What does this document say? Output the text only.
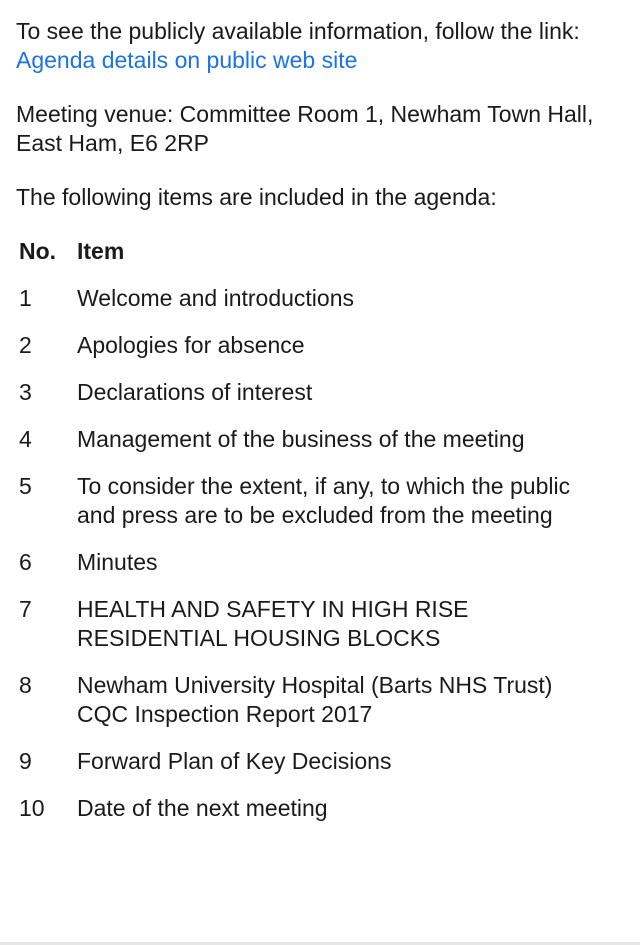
To see the publicly available information, follow the link: Agenda details on public web site

Meeting venue: Committee Room 1, Newham Town Hall, East Ham, E6 2RP

The following items are included in the agenda:

No.	Item
1	Welcome and introductions
2	Apologies for absence
3	Declarations of interest
4	Management of the business of the meeting
5	To consider the extent, if any, to which the public and press are to be excluded from the meeting
6	Minutes
7	HEALTH AND SAFETY IN HIGH RISE RESIDENTIAL HOUSING BLOCKS
8	Newham University Hospital (Barts NHS Trust) CQC Inspection Report 2017
9	Forward Plan of Key Decisions
10	Date of the next meeting
